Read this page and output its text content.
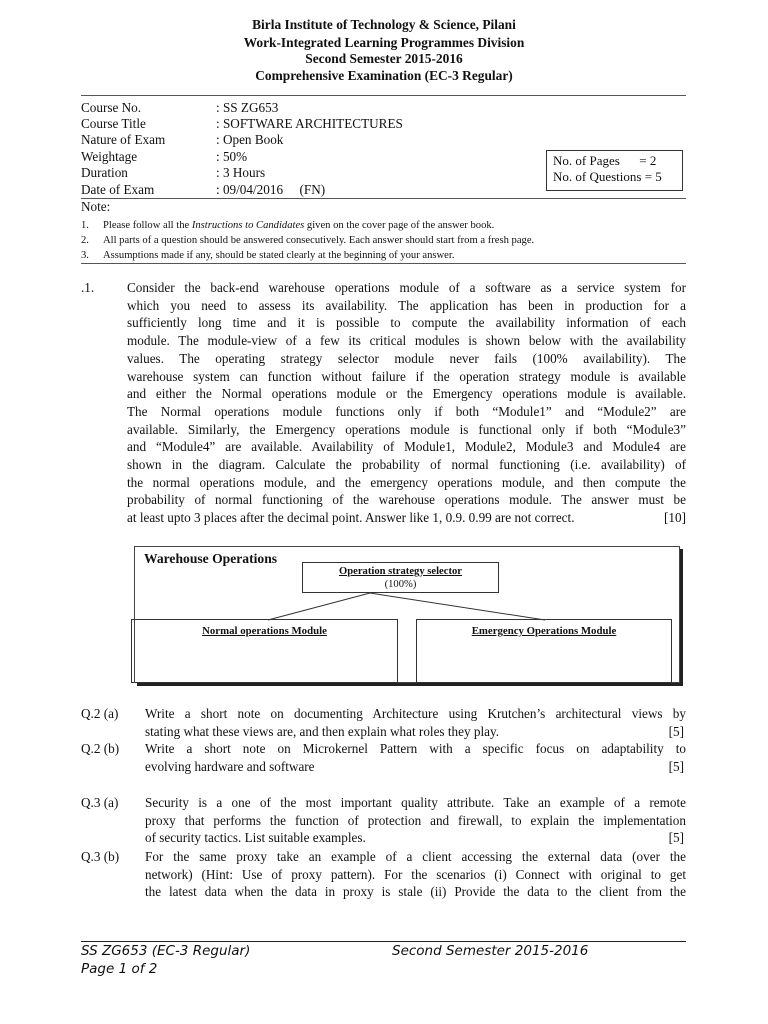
Birla Institute of Technology & Science, Pilani
Work-Integrated Learning Programmes Division
Second Semester 2015-2016
Comprehensive Examination (EC-3 Regular)
Course No.	: SS ZG653
Course Title	: SOFTWARE ARCHITECTURES
Nature of Exam	: Open Book
Weightage	: 50%
Duration	: 3 Hours
Date of Exam	: 09/04/2016     (FN)
No. of Pages      = 2
No. of Questions = 5
Note:
1. Please follow all the Instructions to Candidates given on the cover page of the answer book.
2. All parts of a question should be answered consecutively. Each answer should start from a fresh page.
3. Assumptions made if any, should be stated clearly at the beginning of your answer.
.1. Consider the back-end warehouse operations module of a software as a service system for
which you need to assess its availability. The application has been in production for a
sufficiently long time and it is possible to compute the availability information of each
module. The module-view of a few its critical modules is shown below with the availability
values. The operating strategy selector module never fails (100% availability). The
warehouse system can function without failure if the operation strategy module is available
and either the Normal operations module or the Emergency operations module is available.
The Normal operations module functions only if both “Module1” and “Module2” are
available. Similarly, the Emergency operations module is functional only if both “Module3”
and “Module4” are available. Availability of Module1, Module2, Module3 and Module4 are
shown in the diagram. Calculate the probability of normal functioning (i.e. availability) of
the normal operations module, and the emergency operations module, and then compute the
probability of normal functioning of the warehouse operations module. The answer must be
at least upto 3 places after the decimal point. Answer like 1, 0.9. 0.99 are not correct.	[10]
Warehouse Operations
Operation strategy selector
(100%)
Normal operations Module	Emergency Operations Module
Q.2 (a) Write a short note on documenting Architecture using Krutchen’s architectural views by
stating what these views are, and then explain what roles they play.	[5]
Q.2 (b) Write a short note on Microkernel Pattern with a specific focus on adaptability to
evolving hardware and software	[5]
Q.3 (a) Security is a one of the most important quality attribute. Take an example of a remote
proxy that performs the function of protection and firewall, to explain the implementation
of security tactics. List suitable examples.	[5]
Q.3 (b) For the same proxy take an example of a client accessing the external data (over the
network) (Hint: Use of proxy pattern). For the scenarios (i) Connect with original to get
the latest data when the data in proxy is stale (ii) Provide the data to the client from the
SS ZG653 (EC-3 Regular)	Second Semester 2015-2016
Page 1 of 2
